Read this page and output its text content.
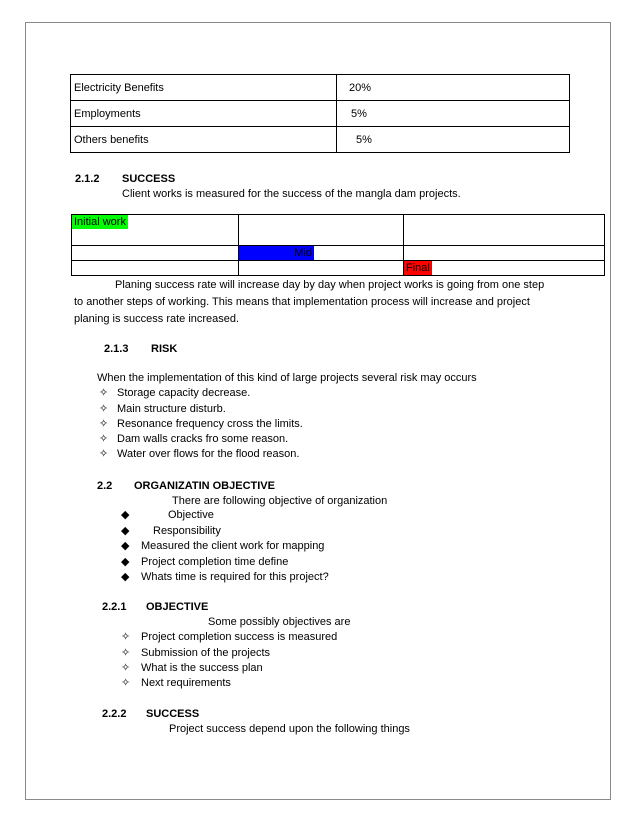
Electricity Benefits	20%
Employments	5%
Others benefits	5%
2.1.2 SUCCESS
Client works is measured for the success of the mangla dam projects.
Initial work		
	Mid	
		Final
Planing success rate will increase day by day when project works is going from one step
to another steps of working. This means that implementation process will increase and project
planing is success rate increased.
2.1.3 RISK
When the implementation of this kind of large projects several risk may occurs
✧ Storage capacity decrease.
✧ Main structure disturb.
✧ Resonance frequency cross the limits.
✧ Dam walls cracks fro some reason.
✧ Water over flows for the flood reason.
2.2 ORGANIZATIN OBJECTIVE
There are following objective of organization
◆	Objective
◆ Responsibility
◆ Measured the client work for mapping
◆ Project completion time define
◆ Whats time is required for this project?
2.2.1 OBJECTIVE
Some possibly objectives are
✧ Project completion success is measured
✧ Submission of the projects
✧ What is the success plan
✧ Next requirements
2.2.2 SUCCESS
Project success depend upon the following things
